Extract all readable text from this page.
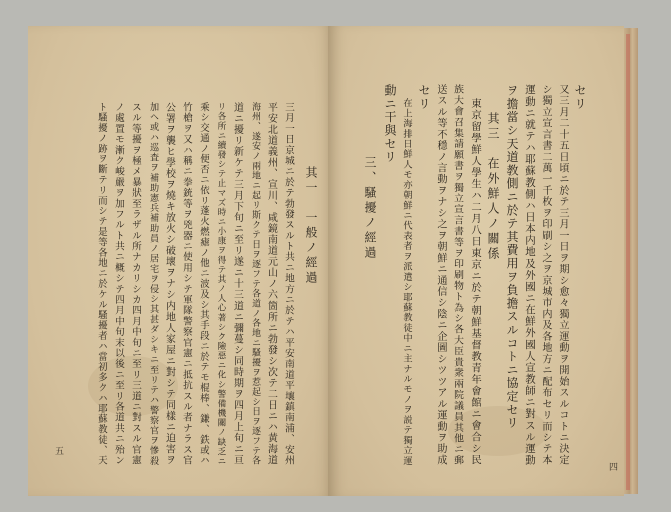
五
四
セリ
又三月二十五日頃ニ於テ三月一日ヲ期シ愈々獨立運動ヲ開始スルコトニ決定
シ獨立宣言書二萬一千枚ヲ印刷シ之ヲ京城市内及各地方ニ配布セリ而シテ本
運動ニ就テハ耶蘇教側ハ日本内地及外國ニ在鮮外國人宣教師ニ對スル運動
ヲ擔當シ天道教側ニ於テ其費用ヲ負擔スルコトニ協定セリ
其三　在外鮮人ノ關係
東京留學鮮人學生ハ二月八日東京ニ於テ朝鮮基督教青年會館ニ會合シ民
族大會召集請願書ヲ獨立宣言書等ヲ印刷物ト為シ各大臣貴衆兩院議員其他ニ郵
送スル等不穩ノ言動ヲナシ之ヲ朝鮮ニ通信シ陰ニ企圖シツツアル運動ヲ助成
セリ
在上海排日鮮人モ亦朝鮮ニ代表者ヲ派遣シ耶蘇教徒中ニ主ナルモノヲ説テ獨立運
動ニ干與セリ
三、騷擾ノ經過
其一　一般ノ經過
三月一日京城ニ於テ勃發スルト共ニ地方ニ於テハ平安南道平壤鎮南浦、安州
平安北道義州、宣川、咸鏡南道元山ノ六箇所ニ勃發シ次テ二日ニハ黄海道
海州、遂安ノ兩地ニ起リ斯クテ日ヲ逐フテ各道ノ各地ニ騷擾ヲ惹起シ日ヲ逐フテ各
道ニ擾リ新ケテ三月下旬ニ至リ遂ニ十三道ニ彌蔓シ同時期ヲ四月上旬ニ亘
リ各所ニ續發シテ止マズ時ニ小康ヲ得テ其ノ人心著シク險惡ニ化シ警備機關ノ缺乏ニ
乘シ交通ノ便否ニ依リ蓬火燃瘧ノ他ニ波及シ其手段ニ於テモ棍棒、鎌、鉄或ハ
竹槍ヲ又ハ稱ニ拳銃等ヲ兇器ニ使用シテ軍隊警察官憲ニ抵抗スル者ナラス官
公署ヲ襲ヒ學校ヲ燒キ放火シ破壞ヲナシ内地人家屋ニ對シテ同樣ニ迫害ヲ
加ヘ或ハ巡査ヲ補助憲兵補助員ノ居宅ヲ侵シ其甚ダシキニ至リテハ警察官ヲ慘殺
スル等擾ヲ極メ暴狀至ラザル所ナカリシカ四月中旬ニ至リ三道ニ對スル官憲
ノ處置モ漸ク峻嚴ヲ加フルト共ニ概シテ四月中旬末以後ニ至リ各道共ニ殆ン
ト騷擾ノ跡ヲ斷テリ而シテ是等各地ニ於ケル騷擾者ハ當初多クハ耶蘇教徒、天
